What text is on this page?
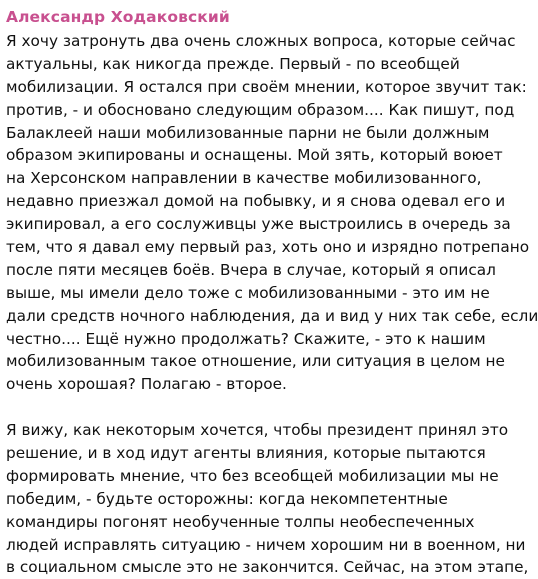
Александр Ходаковский
Я хочу затронуть два очень сложных вопроса, которые сейчас
актуальны, как никогда прежде. Первый - по всеобщей
мобилизации. Я остался при своём мнении, которое звучит так:
против, - и обосновано следующим образом.... Как пишут, под
Балаклеей наши мобилизованные парни не были должным
образом экипированы и оснащены. Мой зять, который воюет
на Херсонском направлении в качестве мобилизованного,
недавно приезжал домой на побывку, и я снова одевал его и
экипировал, а его сослуживцы уже выстроились в очередь за
тем, что я давал ему первый раз, хоть оно и изрядно потрепано
после пяти месяцев боёв. Вчера в случае, который я описал
выше, мы имели дело тоже с мобилизованными - это им не
дали средств ночного наблюдения, да и вид у них так себе, если
честно.... Ещё нужно продолжать? Скажите, - это к нашим
мобилизованным такое отношение, или ситуация в целом не
очень хорошая? Полагаю - второе.
Я вижу, как некоторым хочется, чтобы президент принял это
решение, и в ход идут агенты влияния, которые пытаются
формировать мнение, что без всеобщей мобилизации мы не
победим, - будьте осторожны: когда некомпетентные
командиры погонят необученные толпы необеспеченных
людей исправлять ситуацию - ничем хорошим ни в военном, ни
в социальном смысле это не закончится. Сейчас, на этом этапе,
